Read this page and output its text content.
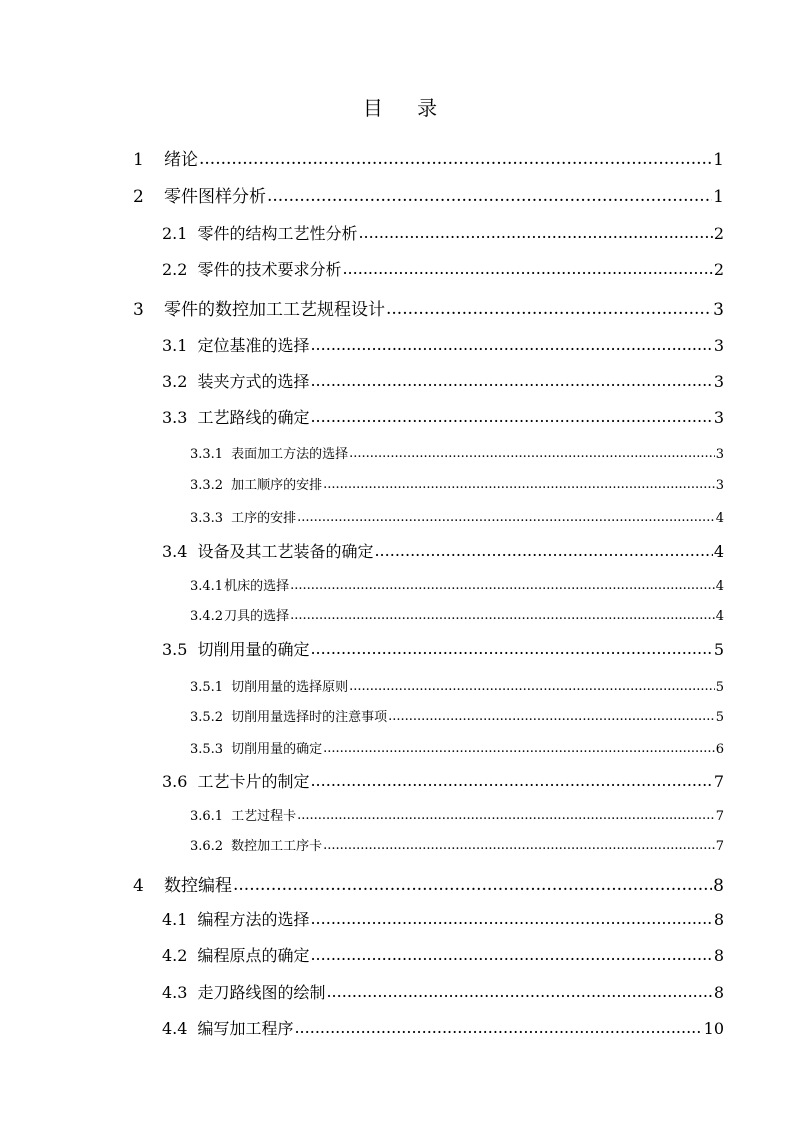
目 录
1	绪论 .....	1
2	零件图样分析 .....	1
2.1 零件的结构工艺性分析 .....	2
2.2 零件的技术要求分析 .....	2
3	零件的数控加工工艺规程设计 .....	3
3.1 定位基准的选择 .....	3
3.2 装夹方式的选择 .....	3
3.3 工艺路线的确定 .....	3
3.3.1 表面加工方法的选择 .....	3
3.3.2 加工顺序的安排 .....	3
3.3.3 工序的安排 .....	4
3.4 设备及其工艺装备的确定 .....	4
3.4.1 机床的选择 .....	4
3.4.2 刀具的选择 .....	4
3.5 切削用量的确定 .....	5
3.5.1 切削用量的选择原则 .....	5
3.5.2 切削用量选择时的注意事项 .....	5
3.5.3 切削用量的确定 .....	6
3.6 工艺卡片的制定 .....	7
3.6.1 工艺过程卡 .....	7
3.6.2 数控加工工序卡 .....	7
4	数控编程 .....	8
4.1 编程方法的选择 .....	8
4.2 编程原点的确定 .....	8
4.3 走刀路线图的绘制 .....	8
4.4 编写加工程序 .....	10
